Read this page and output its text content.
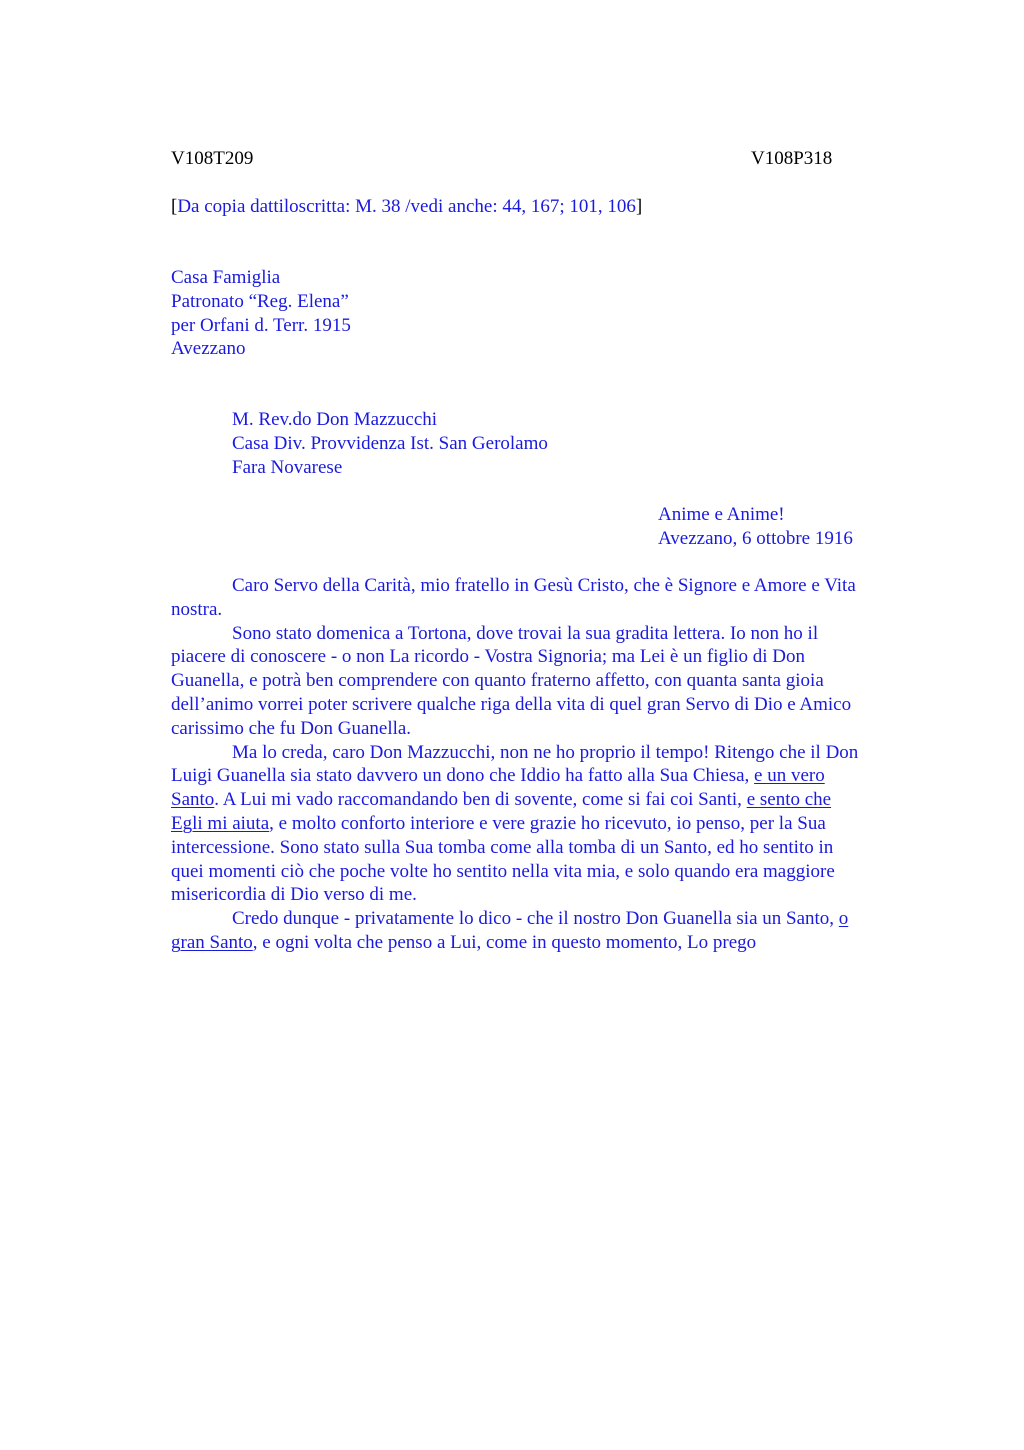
V108T209	V108P318
[Da copia dattiloscritta: M. 38 /vedi anche: 44, 167; 101, 106]
Casa Famiglia
Patronato “Reg. Elena”
per Orfani d. Terr. 1915
Avezzano
M. Rev.do Don Mazzucchi
Casa Div. Provvidenza Ist. San Gerolamo
Fara Novarese
Anime e Anime!
Avezzano, 6 ottobre 1916

Caro Servo della Carità, mio fratello in Gesù Cristo, che è Signore e Amore e Vita
nostra.

Sono stato domenica a Tortona, dove trovai la sua gradita lettera. Io non ho il
piacere di conoscere - o non La ricordo - Vostra Signoria; ma Lei è un figlio di Don
Guanella, e potrà ben comprendere con quanto fraterno affetto, con quanta santa gioia
dell’animo vorrei poter scrivere qualche riga della vita di quel gran Servo di Dio e Amico
carissimo che fu Don Guanella.

Ma lo creda, caro Don Mazzucchi, non ne ho proprio il tempo! Ritengo che il Don
Luigi Guanella sia stato davvero un dono che Iddio ha fatto alla Sua Chiesa, e un vero
Santo. A Lui mi vado raccomandando ben di sovente, come si fai coi Santi, e sento che
Egli mi aiuta, e molto conforto interiore e vere grazie ho ricevuto, io penso, per la Sua
intercessione. Sono stato sulla Sua tomba come alla tomba di un Santo, ed ho sentito in
quei momenti ciò che poche volte ho sentito nella vita mia, e solo quando era maggiore
misericordia di Dio verso di me.

Credo dunque - privatamente lo dico - che il nostro Don Guanella sia un Santo, o
gran Santo, e ogni volta che penso a Lui, come in questo momento, Lo prego
